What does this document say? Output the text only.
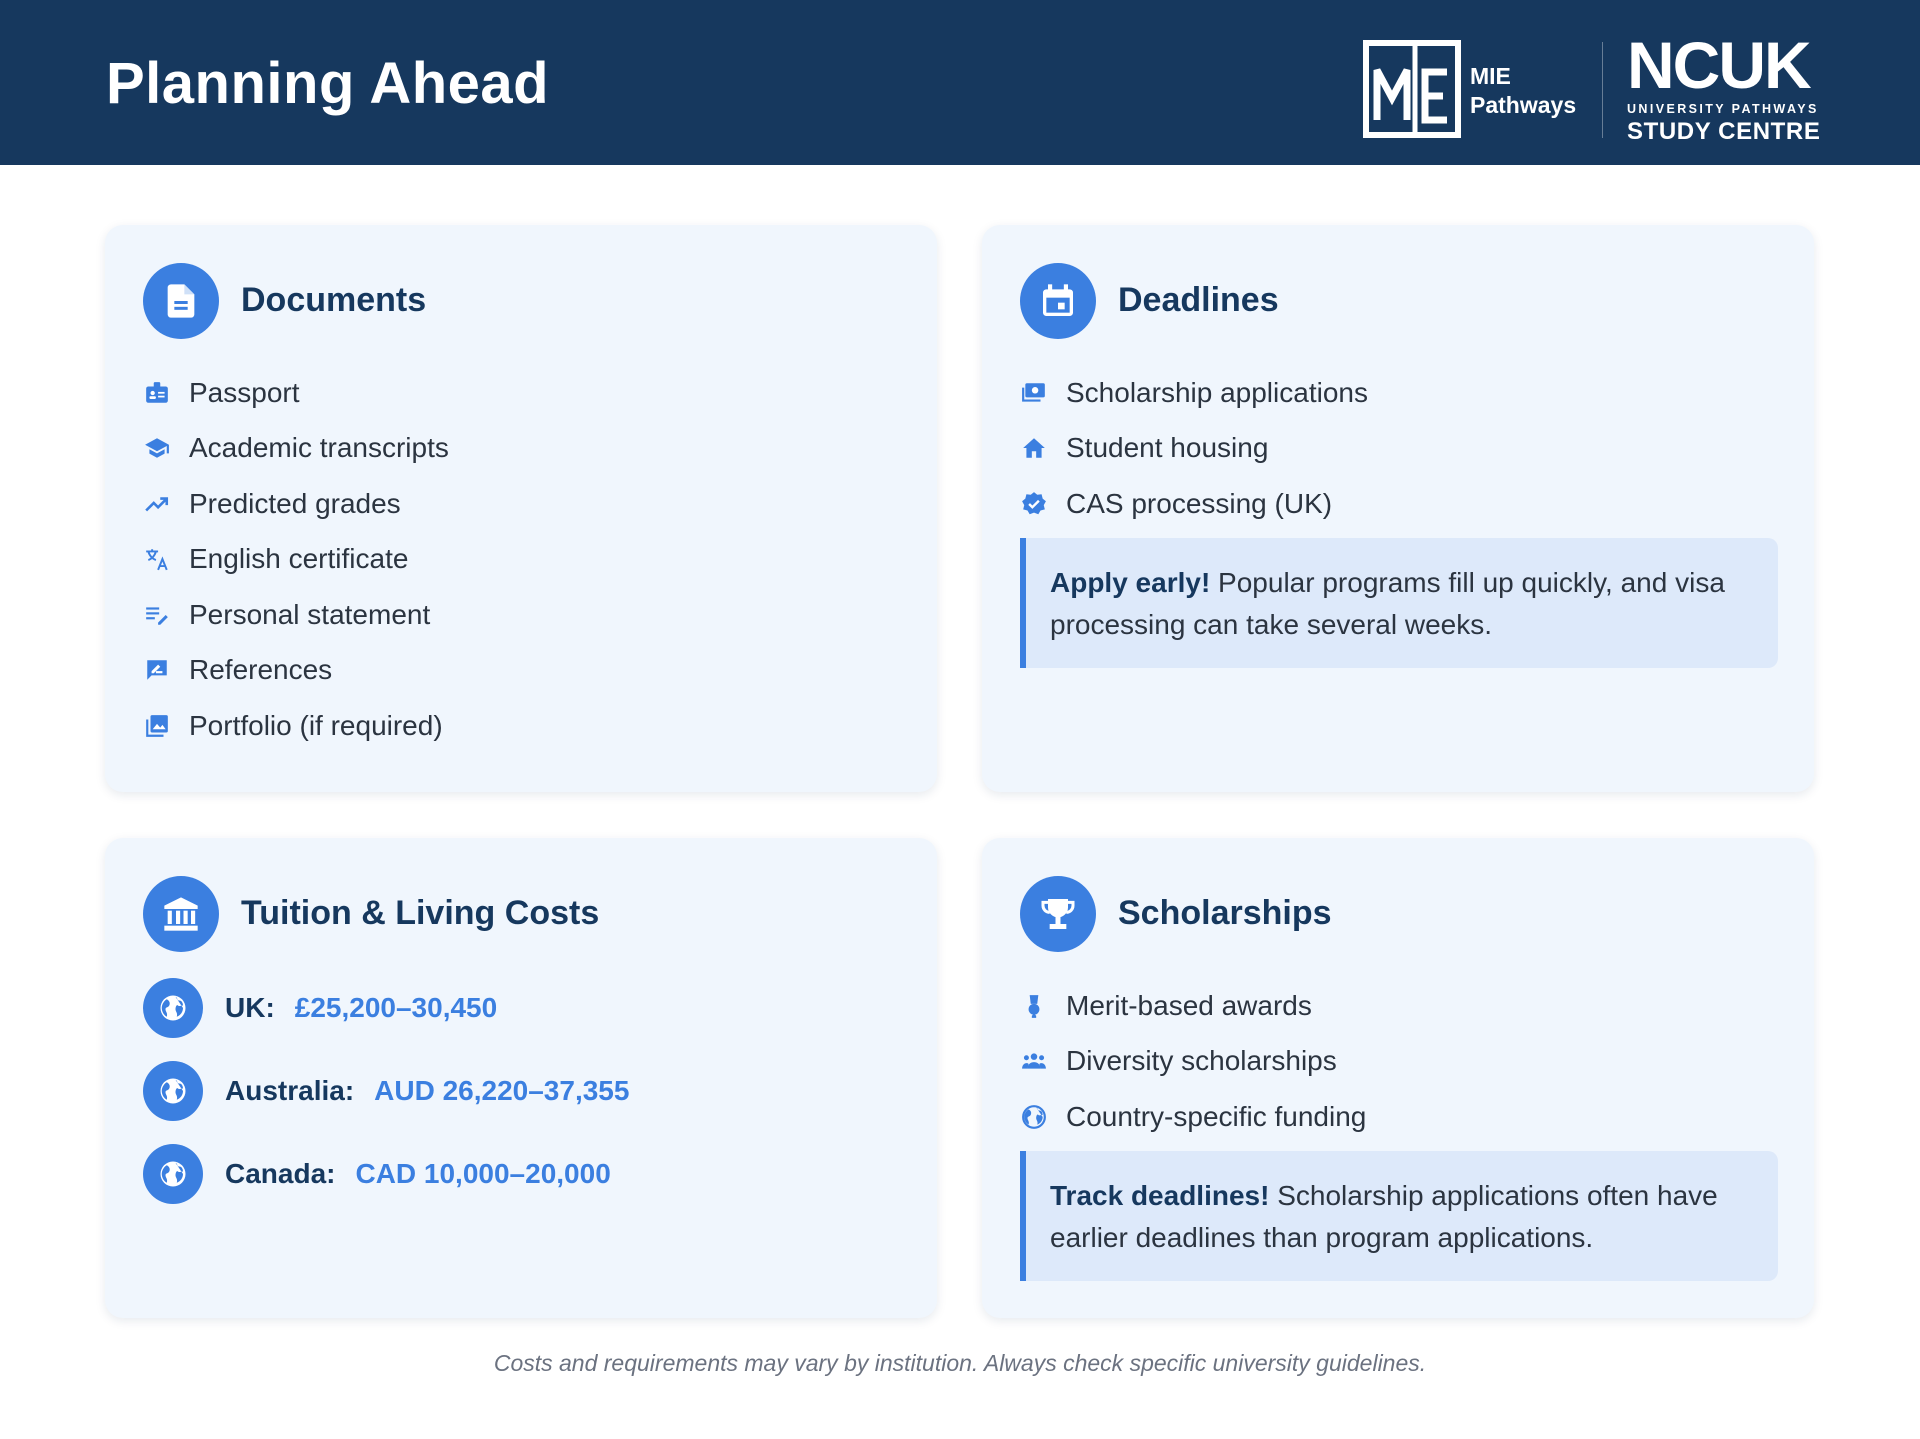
Planning Ahead	MIE
Pathways
NCUK
UNIVERSITY PATHWAYS
STUDY CENTRE
Documents
Passport
Academic transcripts
Predicted grades
English certificate
Personal statement
References
Portfolio (if required)
Deadlines
Scholarship applications
Student housing
CAS processing (UK)
Apply early! Popular programs fill up quickly, and visa processing can take several weeks.
Tuition & Living Costs
UK: £25,200–30,450
Australia: AUD 26,220–37,355
Canada: CAD 10,000–20,000
Scholarships
Merit-based awards
Diversity scholarships
Country-specific funding
Track deadlines! Scholarship applications often have earlier deadlines than program applications.
Costs and requirements may vary by institution. Always check specific university guidelines.
